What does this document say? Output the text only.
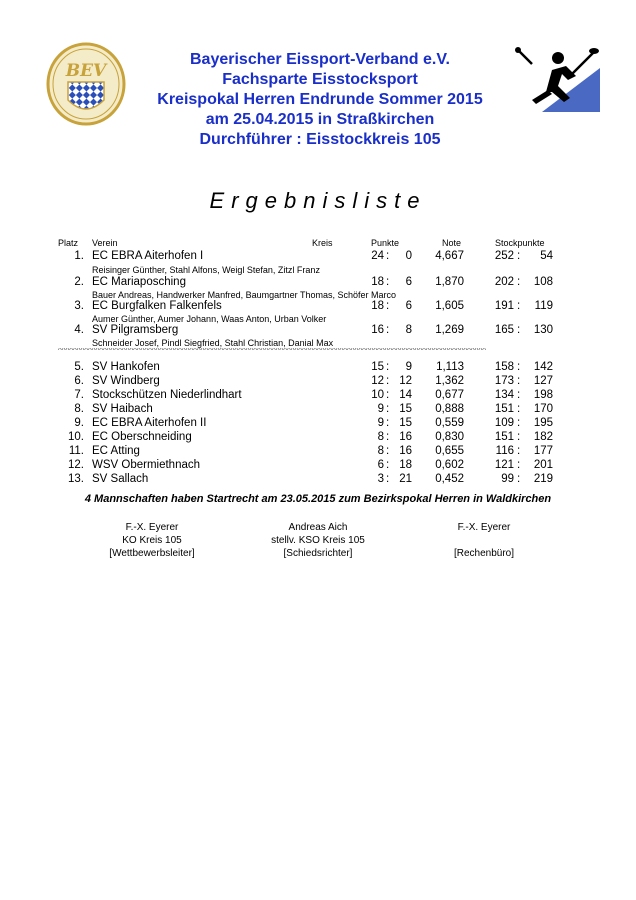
BEV
Bayerischer Eissport-Verband e.V.
Fachsparte Eisstocksport
Kreispokal Herren Endrunde Sommer 2015
am 25.04.2015 in Straßkirchen
Durchführer : Eisstockkreis 105
Ergebnisliste
Platz Verein	Kreis	Punkte	Note	Stockpunkte
1. EC EBRA Aiterhofen I	24 :	0	4,667	252 :	54
Reisinger Günther, Stahl Alfons, Weigl Stefan, Zitzl Franz
2. EC Mariaposching	18 :	6	1,870	202 :	108
Bauer Andreas, Handwerker Manfred, Baumgartner Thomas, Schöfer Marco
3. EC Burgfalken Falkenfels	18 :	6	1,605	191 :	119
Aumer Günther, Aumer Johann, Waas Anton, Urban Volker
4. SV Pilgramsberg	16 :	8	1,269	165 :	130
Schneider Josef, Pindl Siegfried, Stahl Christian, Danial Max
^^^^^^^^^^^^^^^^^^^^^^^^^^^^^^^^^^^^^^^^^^^^^^^^^^^^^^^^^^^^^^^^^^^^^^^^^^^^^^^^^^^^^^^^^^^^^^^^^^^^^^^^^^^^^^^^^^
5. SV Hankofen	15 :	9	1,113	158 :	142
6. SV Windberg	12 : 12	1,362	173 :	127
7. Stockschützen Niederlindhart	10 : 14	0,677	134 :	198
8. SV Haibach	9 : 15	0,888	151 :	170
9. EC EBRA Aiterhofen II	9 : 15	0,559	109 :	195
10. EC Oberschneiding	8 : 16	0,830	151 :	182
11. EC Atting	8 : 16	0,655	116 :	177
12. WSV Obermiethnach	6 : 18	0,602	121 :	201
13. SV Sallach	3 : 21	0,452	99 :	219
4 Mannschaften haben Startrecht am 23.05.2015 zum Bezirkspokal Herren in Waldkirchen
F.-X. Eyerer
KO Kreis 105
[Wettbewerbsleiter]
Andreas Aich
stellv. KSO Kreis 105
[Schiedsrichter]
F.-X. Eyerer
[Rechenbüro]
